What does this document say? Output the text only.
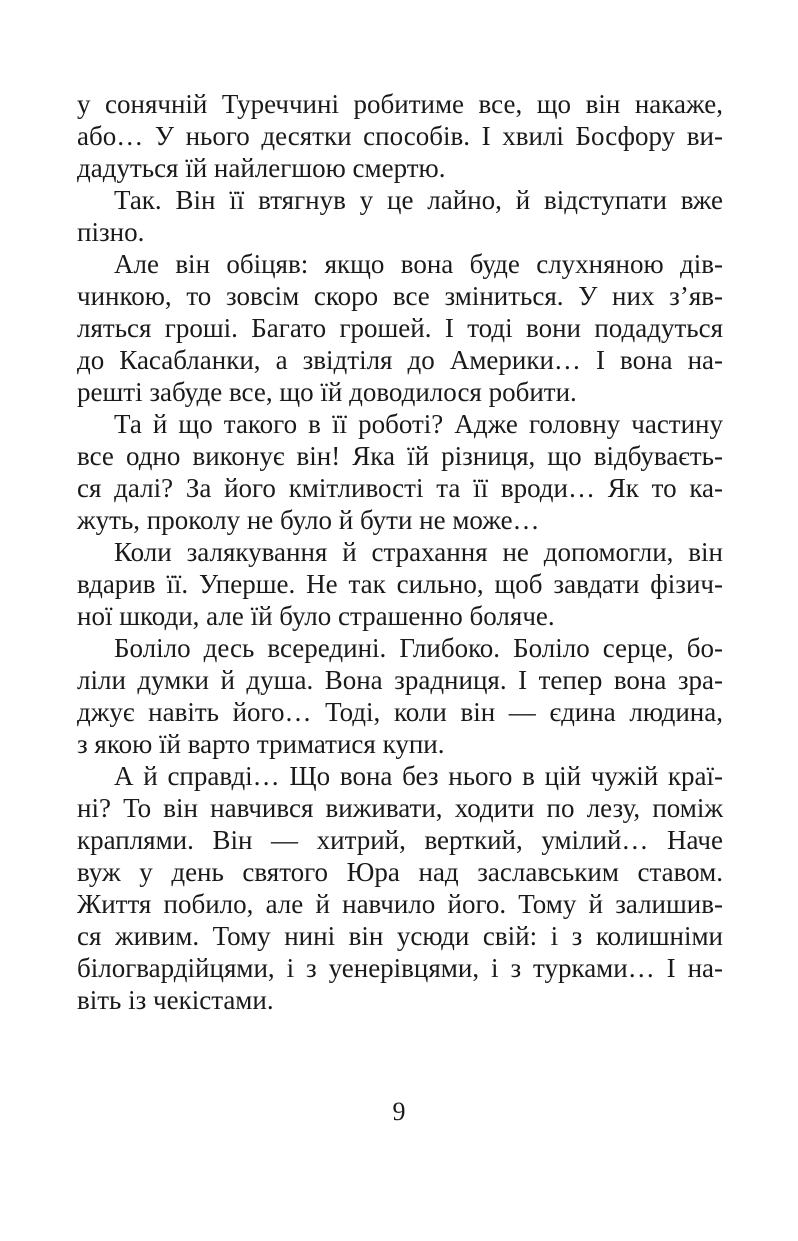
у сонячній Туреччині робитиме все, що він накаже,
або… У нього десятки способів. І хвилі Босфору ви-
дадуться їй найлегшою смертю.
Так. Він її втягнув у це лайно, й відступати вже
пізно.
Але він обіцяв: якщо вона буде слухняною дів-
чинкою, то зовсім скоро все зміниться. У них з’яв-
ляться гроші. Багато грошей. І тоді вони подадуться
до Касабланки, а звідтіля до Америки… І вона на-
решті забуде все, що їй доводилося робити.
Та й що такого в її роботі? Адже головну частину
все одно виконує він! Яка їй різниця, що відбуваєть-
ся далі? За його кмітливості та її вроди… Як то ка-
жуть, проколу не було й бути не може…
Коли залякування й страхання не допомогли, він
вдарив її. Уперше. Не так сильно, щоб завдати фізич-
ної шкоди, але їй було страшенно боляче.
Боліло десь всередині. Глибоко. Боліло серце, бо-
ліли думки й душа. Вона зрадниця. І тепер вона зра-
джує навіть його… Тоді, коли він — єдина людина,
з якою їй варто триматися купи.
А й справді… Що вона без нього в цій чужій краї-
ні? То він навчився виживати, ходити по лезу, поміж
краплями. Він — хитрий, верткий, умілий… Наче
вуж у день святого Юра над заславським ставом.
Життя побило, але й навчило його. Тому й залишив-
ся живим. Тому нині він усюди свій: і з колишніми
білогвардійцями, і з уенерівцями, і з турками… І на-
віть із чекістами.
9
